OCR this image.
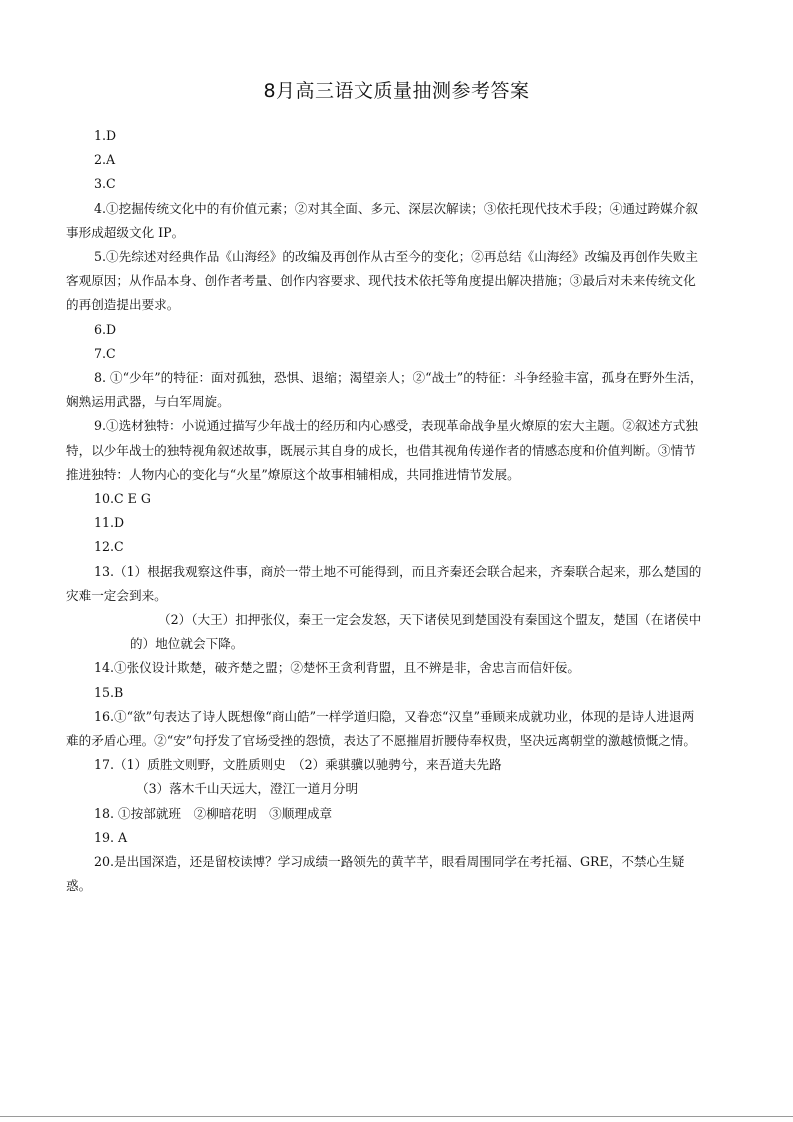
8月高三语文质量抽测参考答案

1.D

2.A

3.C

4.①挖掘传统文化中的有价值元素；②对其全面、多元、深层次解读；③依托现代技术手段；④通过跨媒介叙事形成超级文化 IP。

5.①先综述对经典作品《山海经》的改编及再创作从古至今的变化；②再总结《山海经》改编及再创作失败主客观原因；从作品本身、创作者考量、创作内容要求、现代技术依托等角度提出解决措施；③最后对未来传统文化的再创造提出要求。

6.D

7.C

8. ①“少年”的特征：面对孤独，恐惧、退缩；渴望亲人；②“战士”的特征：斗争经验丰富，孤身在野外生活，娴熟运用武器，与白军周旋。

9.①选材独特：小说通过描写少年战士的经历和内心感受，表现革命战争星火燎原的宏大主题。②叙述方式独特，以少年战士的独特视角叙述故事，既展示其自身的成长，也借其视角传递作者的情感态度和价值判断。③情节推进独特：人物内心的变化与“火星”燎原这个故事相辅相成，共同推进情节发展。

10.C E G

11.D

12.C

13.（1）根据我观察这件事，商於一带土地不可能得到，而且齐秦还会联合起来，齐秦联合起来，那么楚国的灾难一定会到来。

（2）（大王）扣押张仪，秦王一定会发怒，天下诸侯见到楚国没有秦国这个盟友，楚国（在诸侯中的）地位就会下降。

14.①张仪设计欺楚，破齐楚之盟；②楚怀王贪利背盟，且不辨是非，舍忠言而信奸佞。

15.B

16.①“欲”句表达了诗人既想像“商山皓”一样学道归隐，又眷恋“汉皇”垂顾来成就功业，体现的是诗人进退两难的矛盾心理。②“安”句抒发了官场受挫的怨愤，表达了不愿摧眉折腰侍奉权贵，坚决远离朝堂的激越愤慨之情。

17.（1）质胜文则野，文胜质则史　（2）乘骐骥以驰骋兮，来吾道夫先路

（3）落木千山天远大，澄江一道月分明

18. ①按部就班　②柳暗花明　③顺理成章

19. A

20.是出国深造，还是留校读博？学习成绩一路领先的黄芊芊，眼看周围同学在考托福、GRE，不禁心生疑惑。
